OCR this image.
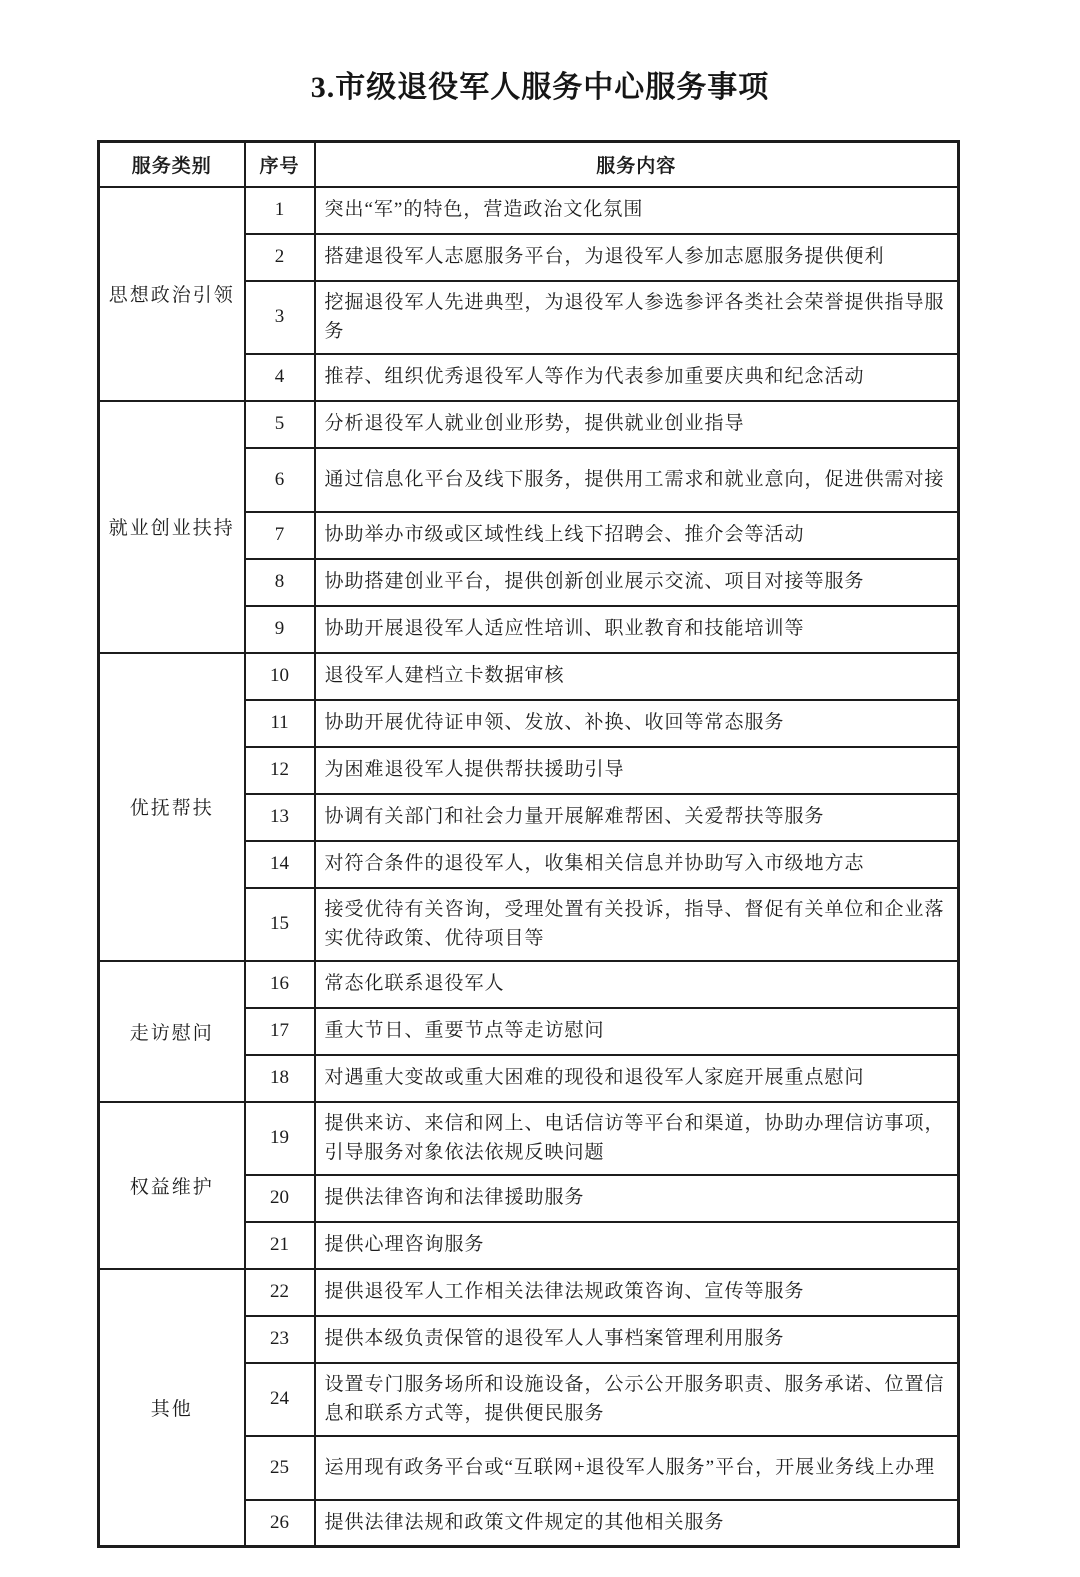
3.市级退役军人服务中心服务事项
服务类别	序号	服务内容
思想政治引领	1	突出“军”的特色，营造政治文化氛围
	2	搭建退役军人志愿服务平台，为退役军人参加志愿服务提供便利
	3	挖掘退役军人先进典型，为退役军人参选参评各类社会荣誉提供指导服务
	4	推荐、组织优秀退役军人等作为代表参加重要庆典和纪念活动
就业创业扶持	5	分析退役军人就业创业形势，提供就业创业指导
	6	通过信息化平台及线下服务，提供用工需求和就业意向，促进供需对接
	7	协助举办市级或区域性线上线下招聘会、推介会等活动
	8	协助搭建创业平台，提供创新创业展示交流、项目对接等服务
	9	协助开展退役军人适应性培训、职业教育和技能培训等
优抚帮扶	10	退役军人建档立卡数据审核
	11	协助开展优待证申领、发放、补换、收回等常态服务
	12	为困难退役军人提供帮扶援助引导
	13	协调有关部门和社会力量开展解难帮困、关爱帮扶等服务
	14	对符合条件的退役军人，收集相关信息并协助写入市级地方志
	15	接受优待有关咨询，受理处置有关投诉，指导、督促有关单位和企业落实优待政策、优待项目等
走访慰问	16	常态化联系退役军人
	17	重大节日、重要节点等走访慰问
	18	对遇重大变故或重大困难的现役和退役军人家庭开展重点慰问
权益维护	19	提供来访、来信和网上、电话信访等平台和渠道，协助办理信访事项，引导服务对象依法依规反映问题
	20	提供法律咨询和法律援助服务
	21	提供心理咨询服务
其他	22	提供退役军人工作相关法律法规政策咨询、宣传等服务
	23	提供本级负责保管的退役军人人事档案管理利用服务
	24	设置专门服务场所和设施设备，公示公开服务职责、服务承诺、位置信息和联系方式等，提供便民服务
	25	运用现有政务平台或“互联网+退役军人服务”平台，开展业务线上办理
	26	提供法律法规和政策文件规定的其他相关服务
